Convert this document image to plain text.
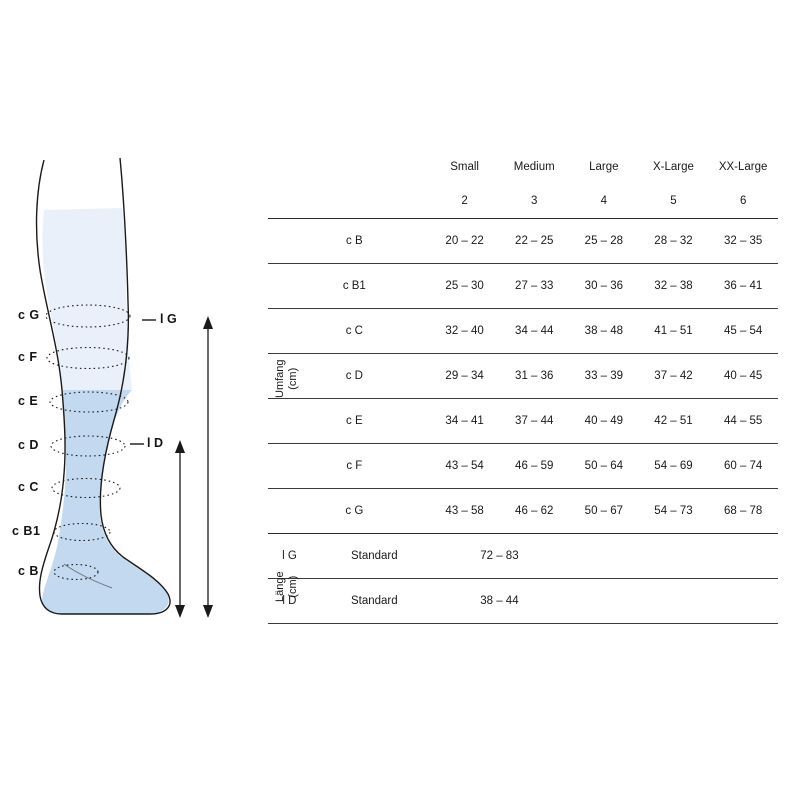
c G
c F
c E
c D
c C
c B1
c B
l G
l D
Umfang
(cm)
Länge
(cm)
		Small	Medium	Large	X-Large	XX-Large
		2	3	4	5	6
	c B	20 – 22	22 – 25	25 – 28	28 – 32	32 – 35
	c B1	25 – 30	27 – 33	30 – 36	32 – 38	36 – 41
	c C	32 – 40	34 – 44	38 – 48	41 – 51	45 – 54
	c D	29 – 34	31 – 36	33 – 39	37 – 42	40 – 45
	c E	34 – 41	37 – 44	40 – 49	42 – 51	44 – 55
	c F	43 – 54	46 – 59	50 – 64	54 – 69	60 – 74
	c G	43 – 58	46 – 62	50 – 67	54 – 73	68 – 78
l G	Standard	72 – 83				
l D	Standard	38 – 44				
